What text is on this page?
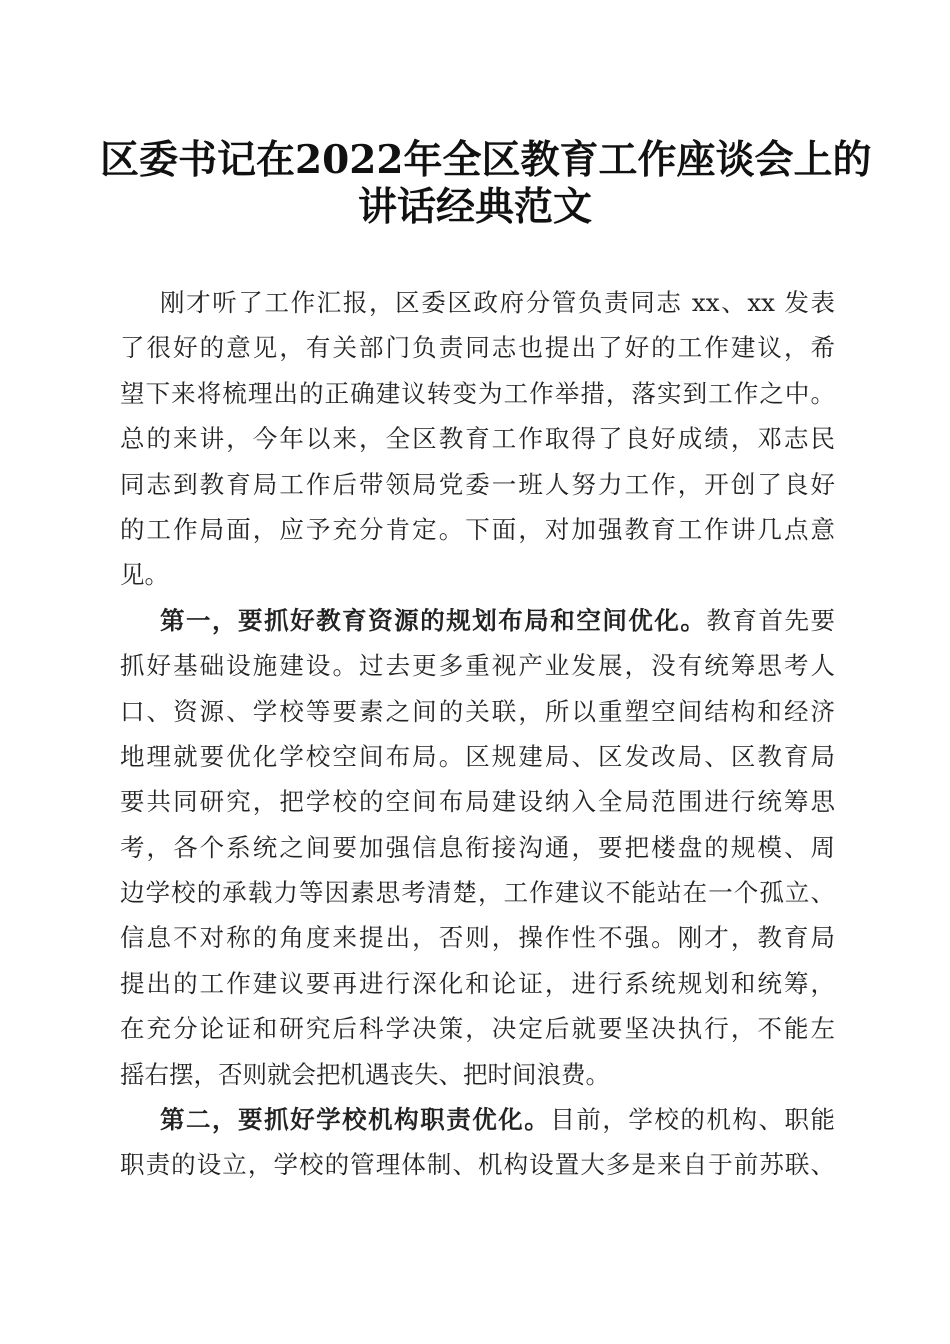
区委书记在2022年全区教育工作座谈会上的
讲话经典范文

刚才听了工作汇报，区委区政府分管负责同志 xx、xx 发表

了很好的意见，有关部门负责同志也提出了好的工作建议，希

望下来将梳理出的正确建议转变为工作举措，落实到工作之中。

总的来讲，今年以来，全区教育工作取得了良好成绩，邓志民

同志到教育局工作后带领局党委一班人努力工作，开创了良好

的工作局面，应予充分肯定。下面，对加强教育工作讲几点意

见。

第一，要抓好教育资源的规划布局和空间优化。教育首先要

抓好基础设施建设。过去更多重视产业发展，没有统筹思考人

口、资源、学校等要素之间的关联，所以重塑空间结构和经济

地理就要优化学校空间布局。区规建局、区发改局、区教育局

要共同研究，把学校的空间布局建设纳入全局范围进行统筹思

考，各个系统之间要加强信息衔接沟通，要把楼盘的规模、周

边学校的承载力等因素思考清楚，工作建议不能站在一个孤立、

信息不对称的角度来提出，否则，操作性不强。刚才，教育局

提出的工作建议要再进行深化和论证，进行系统规划和统筹，

在充分论证和研究后科学决策，决定后就要坚决执行，不能左

摇右摆，否则就会把机遇丧失、把时间浪费。

第二，要抓好学校机构职责优化。目前，学校的机构、职能

职责的设立，学校的管理体制、机构设置大多是来自于前苏联、
